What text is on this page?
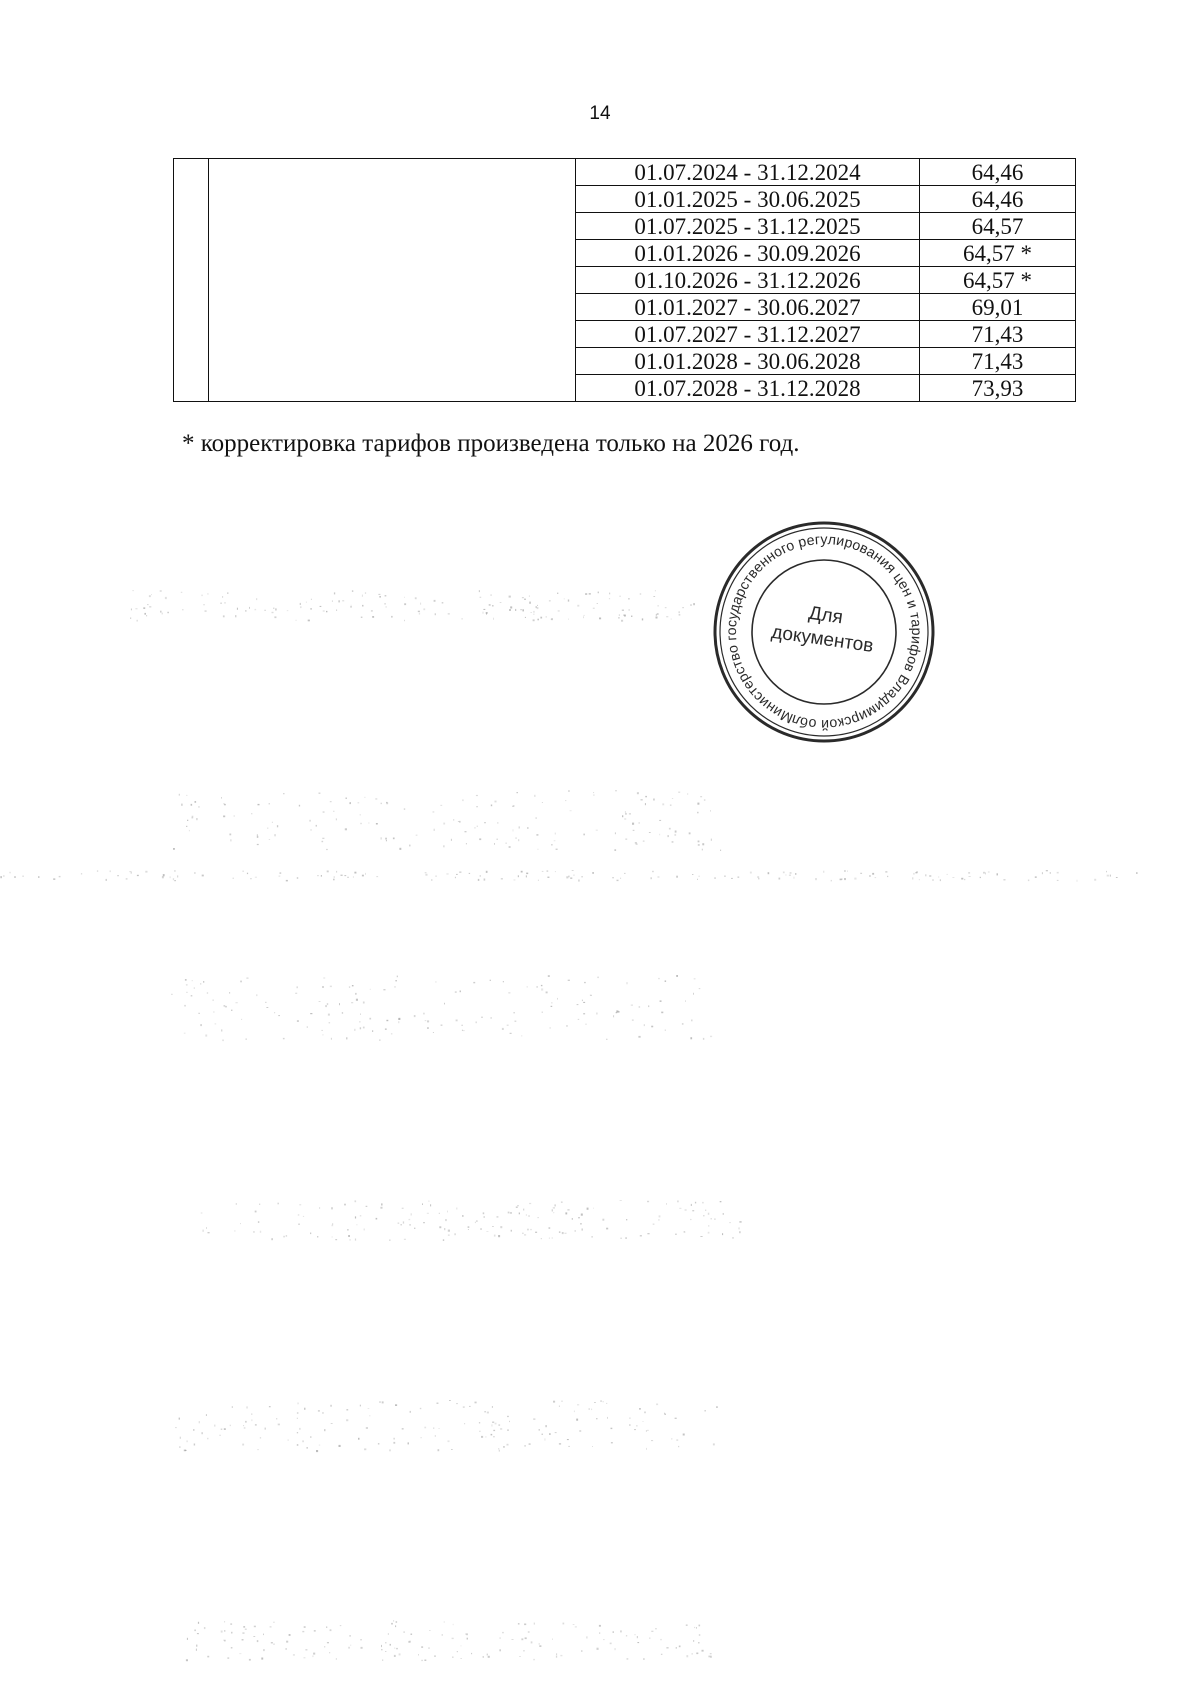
14
		01.07.2024 - 31.12.2024	64,46
		01.01.2025 - 30.06.2025	64,46
		01.07.2025 - 31.12.2025	64,57
		01.01.2026 - 30.09.2026	64,57 *
		01.10.2026 - 31.12.2026	64,57 *
		01.01.2027 - 30.06.2027	69,01
		01.07.2027 - 31.12.2027	71,43
		01.01.2028 - 30.06.2028	71,43
		01.07.2028 - 31.12.2028	73,93
* корректировка тарифов произведена только на 2026 год.
Министерство государственного регулирования цен и тарифов Владимирской области
Для
документов
